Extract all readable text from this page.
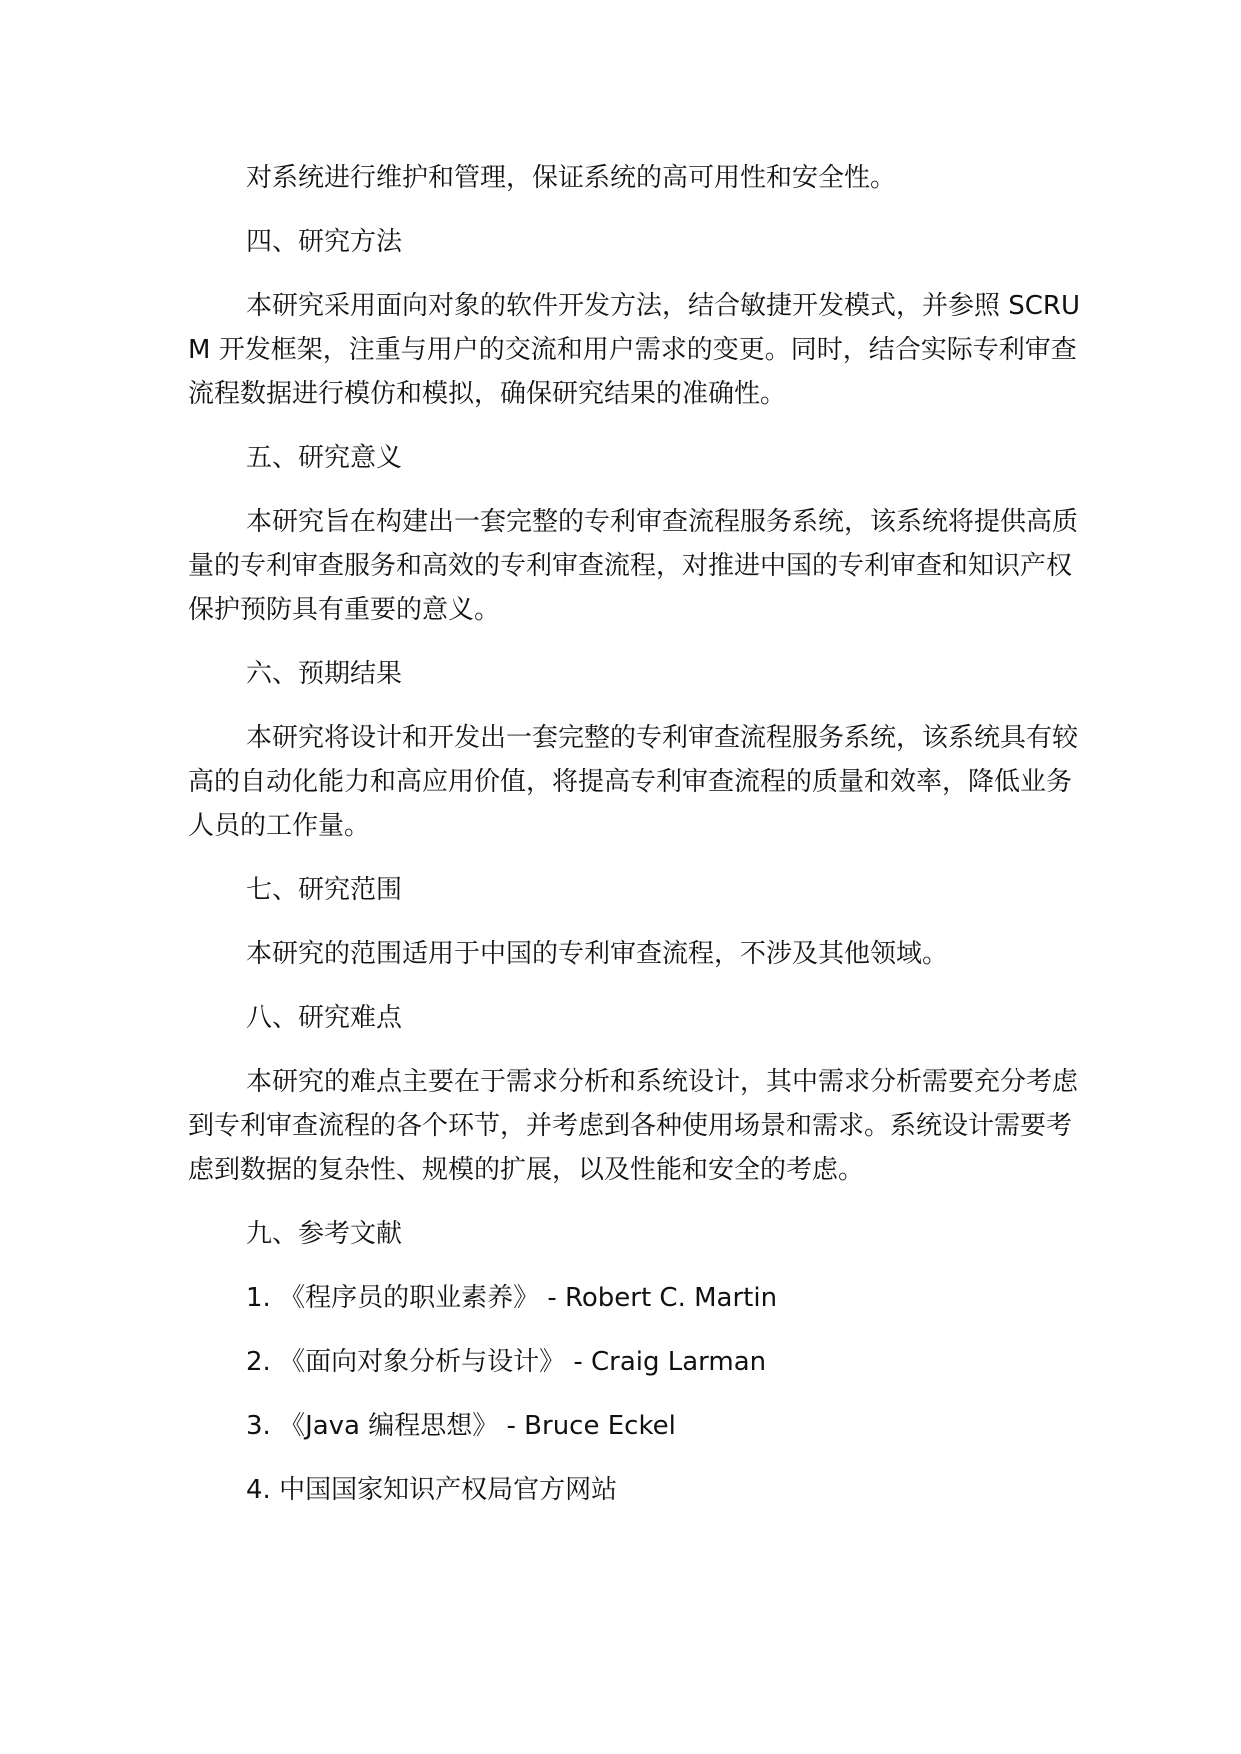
对系统进行维护和管理，保证系统的高可用性和安全性。

四、研究方法

本研究采用面向对象的软件开发方法，结合敏捷开发模式，并参照 SCRUM 开发框架，注重与用户的交流和用户需求的变更。同时，结合实际专利审查流程数据进行模仿和模拟，确保研究结果的准确性。

五、研究意义

本研究旨在构建出一套完整的专利审查流程服务系统，该系统将提供高质量的专利审查服务和高效的专利审查流程，对推进中国的专利审查和知识产权保护预防具有重要的意义。

六、预期结果

本研究将设计和开发出一套完整的专利审查流程服务系统，该系统具有较高的自动化能力和高应用价值，将提高专利审查流程的质量和效率，降低业务人员的工作量。

七、研究范围

本研究的范围适用于中国的专利审查流程，不涉及其他领域。

八、研究难点

本研究的难点主要在于需求分析和系统设计，其中需求分析需要充分考虑到专利审查流程的各个环节，并考虑到各种使用场景和需求。系统设计需要考虑到数据的复杂性、规模的扩展，以及性能和安全的考虑。

九、参考文献

1. 《程序员的职业素养》 - Robert C. Martin

2. 《面向对象分析与设计》 - Craig Larman

3. 《Java 编程思想》 - Bruce Eckel

4. 中国国家知识产权局官方网站
